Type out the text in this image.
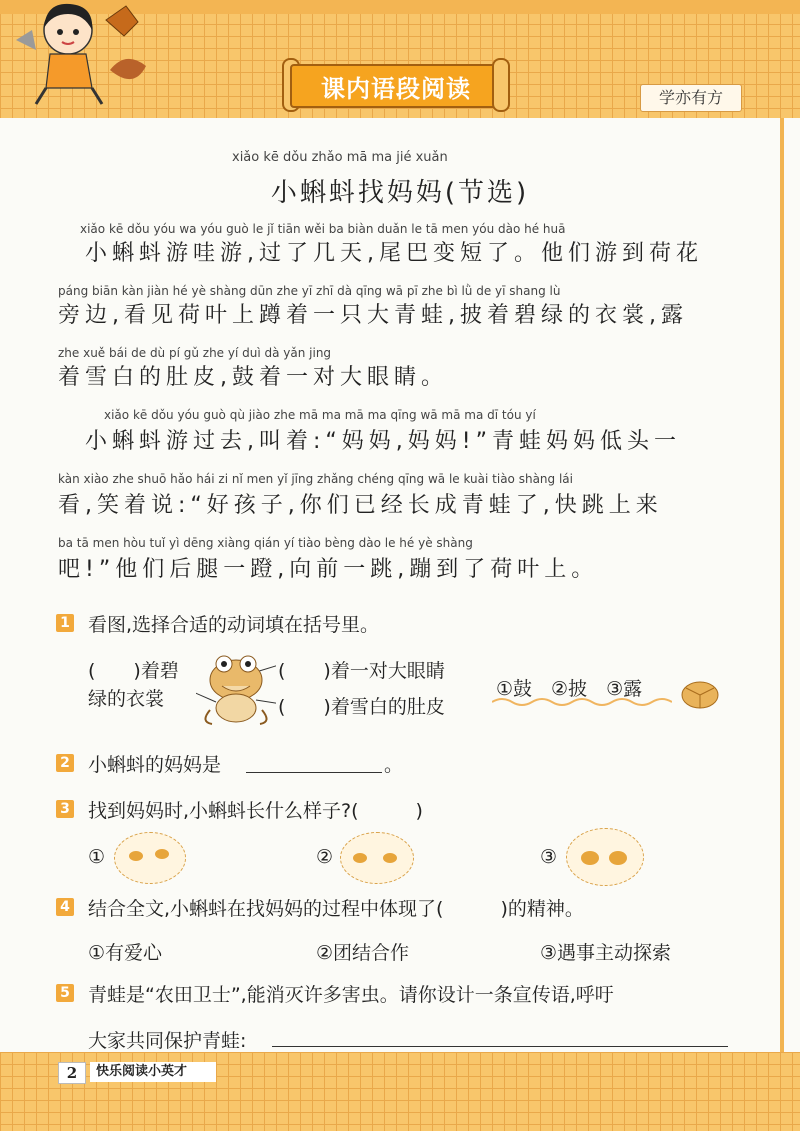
课内语段阅读	学亦有方
xiǎo kē dǒu zhǎo mā ma jié xuǎn
小蝌蚪找妈妈(节选)
xiǎo kē dǒu yóu wa yóu guò le jǐ tiān wěi ba biàn duǎn le tā men yóu dào hé huā
　小蝌蚪游哇游,过了几天,尾巴变短了。他们游到荷花
páng biān kàn jiàn hé yè shàng dūn zhe yī zhī dà qīng wā pī zhe bì lǜ de yī shang lù
旁边,看见荷叶上蹲着一只大青蛙,披着碧绿的衣裳,露
zhe xuě bái de dù pí gǔ zhe yí duì dà yǎn jing
着雪白的肚皮,鼓着一对大眼睛。
xiǎo kē dǒu yóu guò qù jiào zhe mā ma mā ma qīng wā mā ma dī tóu yí
　小蝌蚪游过去,叫着:“妈妈,妈妈!”青蛙妈妈低头一
kàn xiào zhe shuō hǎo hái zi nǐ men yǐ jīng zhǎng chéng qīng wā le kuài tiào shàng lái
看,笑着说:“好孩子,你们已经长成青蛙了,快跳上来
ba tā men hòu tuǐ yì dēng xiàng qián yí tiào bèng dào le hé yè shàng
吧!”他们后腿一蹬,向前一跳,蹦到了荷叶上。
1 看图,选择合适的动词填在括号里。
(　　)着碧
绿的衣裳
(　　)着一对大眼睛
(　　)着雪白的肚皮
①鼓　②披　③露
2 小蝌蚪的妈妈是	。
3 找到妈妈时,小蝌蚪长什么样子?(　　　)
①	②	③
4 结合全文,小蝌蚪在找妈妈的过程中体现了(　　　)的精神。
①有爱心	②团结合作	③遇事主动探索
5 青蛙是“农田卫士”,能消灭许多害虫。请你设计一条宣传语,呼吁
大家共同保护青蛙:
2	快乐阅读小英才
